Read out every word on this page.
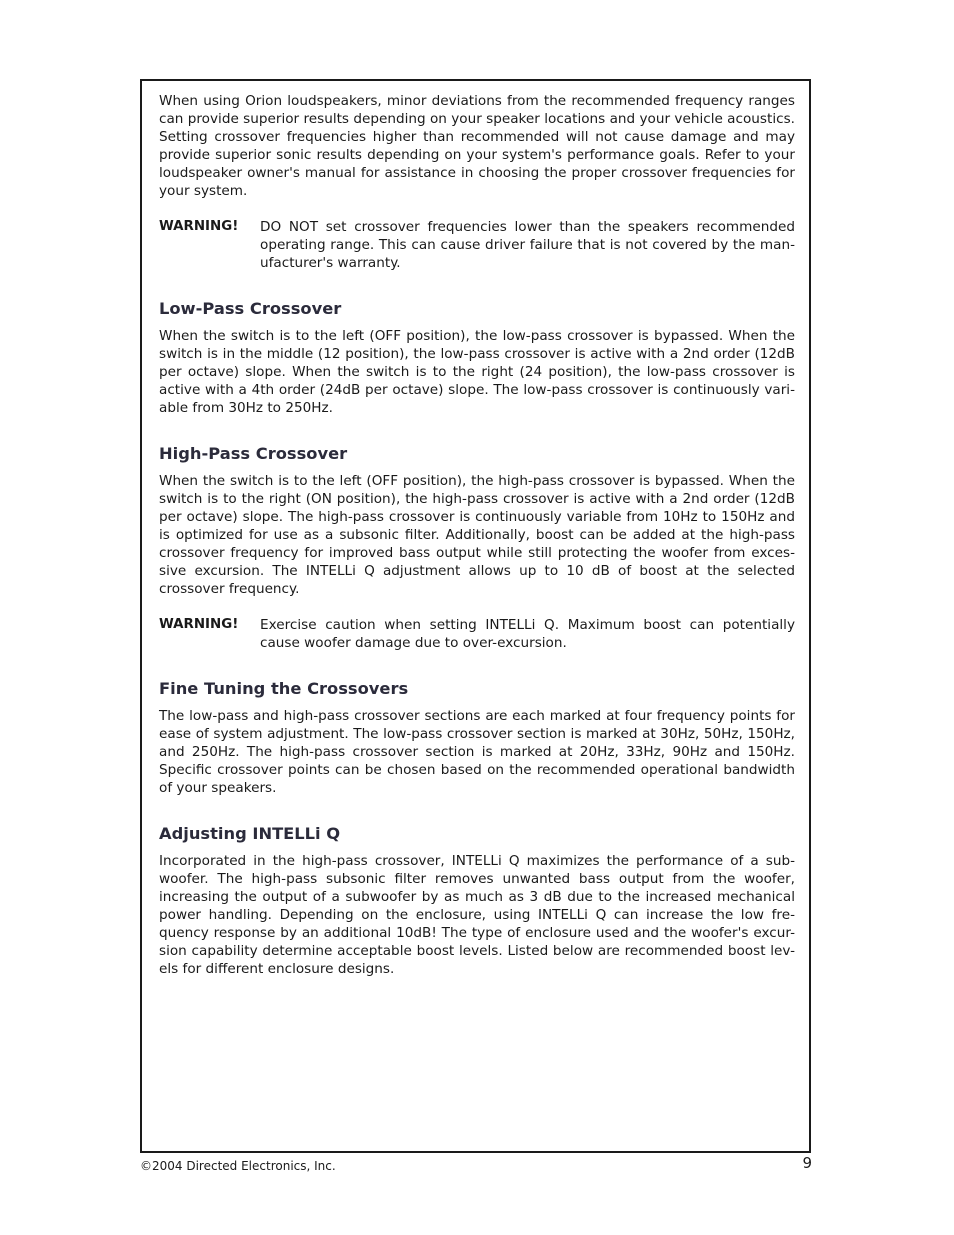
When using Orion loudspeakers, minor deviations from the recommended frequency ranges can provide superior results depending on your speaker locations and your vehicle acoustics. Setting crossover frequencies higher than recommended will not cause damage and may provide superior sonic results depending on your system's performance goals. Refer to your loudspeaker owner's manual for assistance in choosing the proper crossover frequencies for your system.

WARNING!	DO NOT set crossover frequencies lower than the speakers recommended operating range. This can cause driver failure that is not covered by the man-ufacturer's warranty.

Low-Pass Crossover

When the switch is to the left (OFF position), the low-pass crossover is bypassed. When the switch is in the middle (12 position), the low-pass crossover is active with a 2nd order (12dB per octave) slope. When the switch is to the right (24 position), the low-pass crossover is active with a 4th order (24dB per octave) slope. The low-pass crossover is continuously vari-able from 30Hz to 250Hz.

High-Pass Crossover

When the switch is to the left (OFF position), the high-pass crossover is bypassed. When the switch is to the right (ON position), the high-pass crossover is active with a 2nd order (12dB per octave) slope. The high-pass crossover is continuously variable from 10Hz to 150Hz and is optimized for use as a subsonic filter. Additionally, boost can be added at the high-pass crossover frequency for improved bass output while still protecting the woofer from exces-sive excursion. The INTELLi Q adjustment allows up to 10 dB of boost at the selected crossover frequency.

WARNING!	Exercise caution when setting INTELLi Q. Maximum boost can potentially cause woofer damage due to over-excursion.

Fine Tuning the Crossovers

The low-pass and high-pass crossover sections are each marked at four frequency points for ease of system adjustment. The low-pass crossover section is marked at 30Hz, 50Hz, 150Hz, and 250Hz. The high-pass crossover section is marked at 20Hz, 33Hz, 90Hz and 150Hz. Specific crossover points can be chosen based on the recommended operational bandwidth of your speakers.

Adjusting INTELLi Q

Incorporated in the high-pass crossover, INTELLi Q maximizes the performance of a sub-woofer. The high-pass subsonic filter removes unwanted bass output from the woofer, increasing the output of a subwoofer by as much as 3 dB due to the increased mechanical power handling. Depending on the enclosure, using INTELLi Q can increase the low fre-quency response by an additional 10dB! The type of enclosure used and the woofer's excur-sion capability determine acceptable boost levels. Listed below are recommended boost lev-els for different enclosure designs.

©2004 Directed Electronics, Inc.	9
